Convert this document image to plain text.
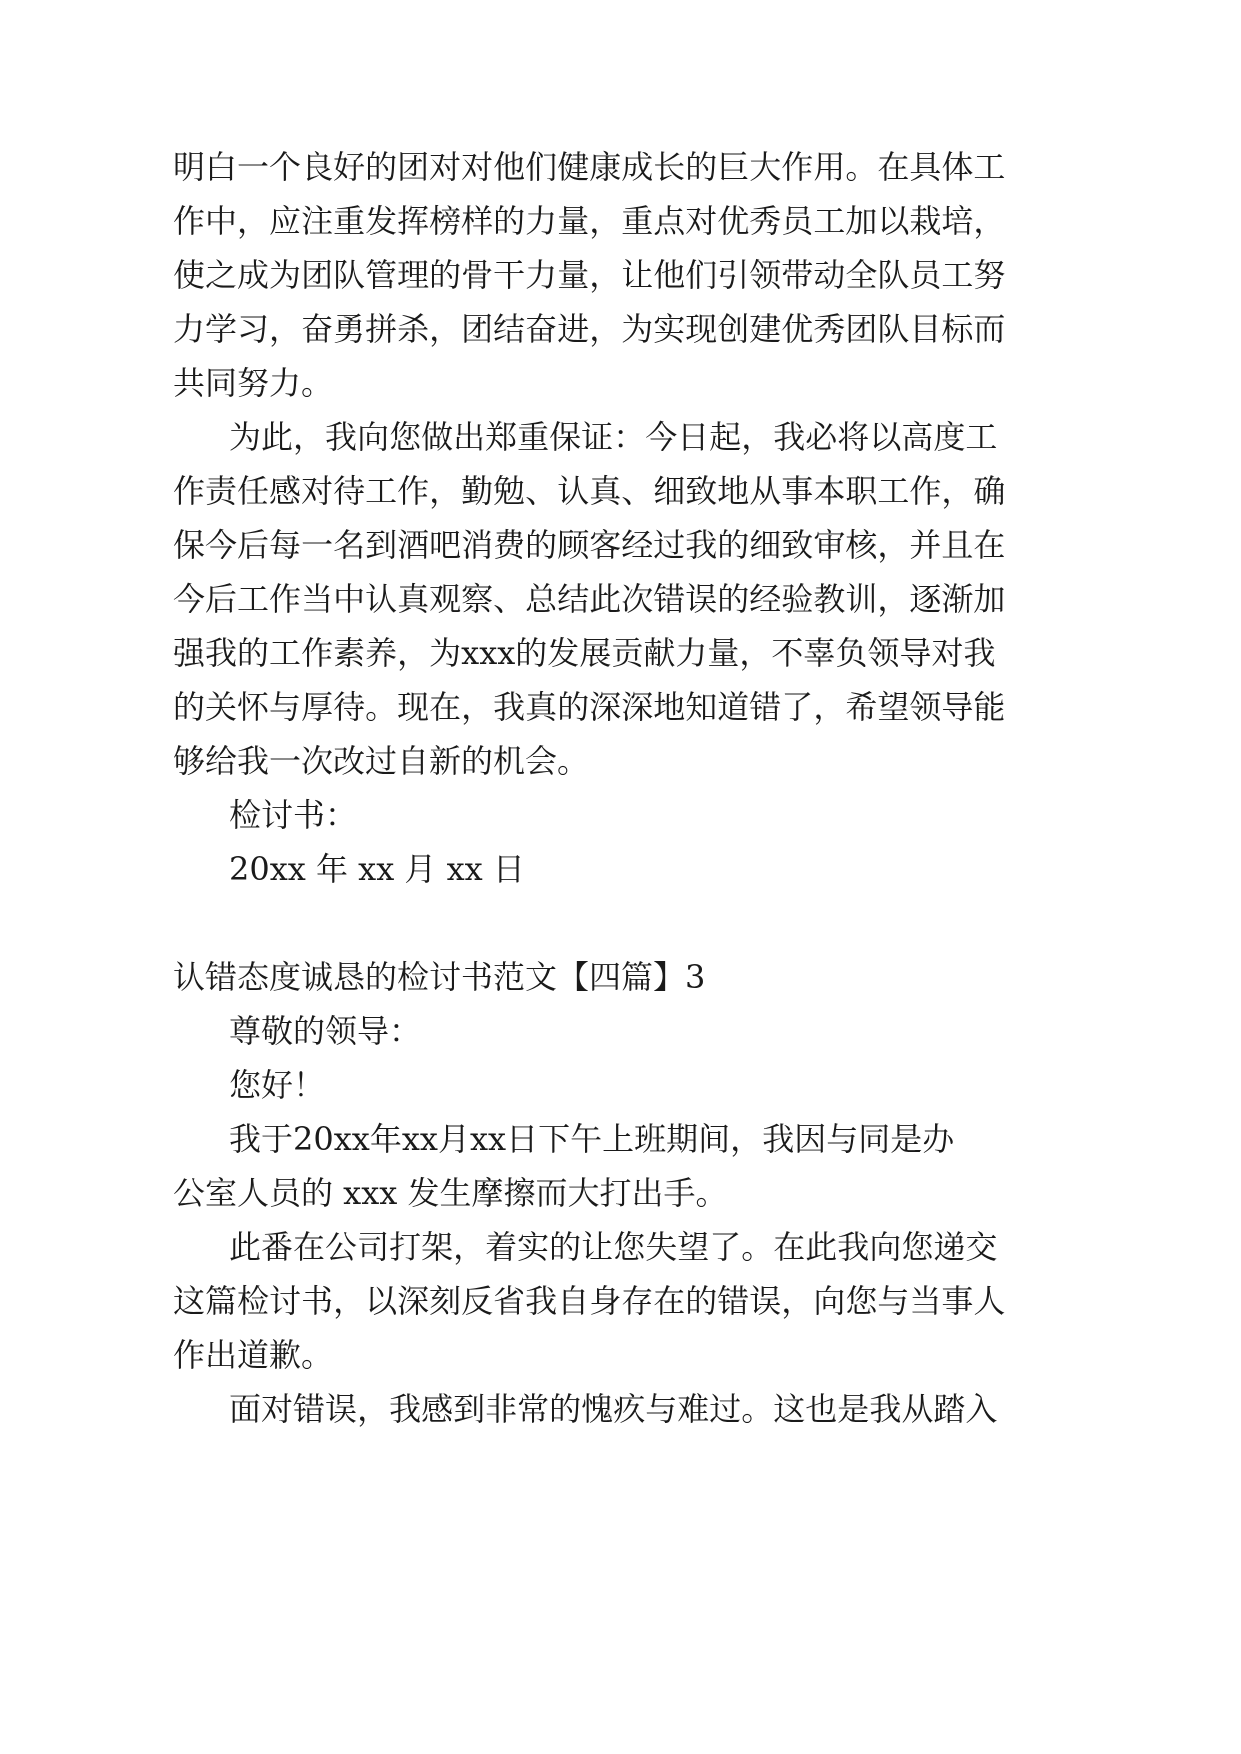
明 白 一 个 良 好 的 团 对 对 他 们 健 康 成 长 的 巨 大 作 用 。 在 具 体 工
作 中 ， 应 注 重 发 挥 榜 样 的 力 量 ， 重 点 对 优 秀 员 工 加 以 栽 培 ，
使 之 成 为 团 队 管 理 的 骨 干 力 量 ， 让 他 们 引 领 带 动 全 队 员 工 努
力 学 习 ， 奋 勇 拼 杀 ， 团 结 奋 进 ， 为 实 现 创 建 优 秀 团 队 目 标 而
共同努力。
为 此 ， 我 向 您 做 出 郑 重 保 证 ： 今 日 起 ， 我 必 将 以 高 度 工
作 责 任 感 对 待 工 作 ， 勤 勉 、 认 真 、 细 致 地 从 事 本 职 工 作 ， 确
保 今 后 每 一 名 到 酒 吧 消 费 的 顾 客 经 过 我 的 细 致 审 核 ， 并 且 在
今 后 工 作 当 中 认 真 观 察 、 总 结 此 次 错 误 的 经 验 教 训 ， 逐 渐 加
强 我 的 工 作 素 养 ， 为 xxx 的 发 展 贡 献 力 量 ， 不 辜 负 领 导 对 我
的 关 怀 与 厚 待 。 现 在 ， 我 真 的 深 深 地 知 道 错 了 ， 希 望 领 导 能
够给我一次改过自新的机会。
检讨书：
20xx 年 xx 月 xx 日
认错态度诚恳的检讨书范文【四篇】3
尊敬的领导：
您好！
我 于 20xx 年 xx 月 xx 日 下 午 上 班 期 间 ， 我 因 与 同 是 办
公室人员的 xxx 发生摩擦而大打出手。
此 番 在 公 司 打 架 ， 着 实 的 让 您 失 望 了 。 在 此 我 向 您 递 交
这 篇 检 讨 书 ， 以 深 刻 反 省 我 自 身 存 在 的 错 误 ， 向 您 与 当 事 人
作出道歉。
面 对 错 误 ， 我 感 到 非 常 的 愧 疚 与 难 过 。 这 也 是 我 从 踏 入
